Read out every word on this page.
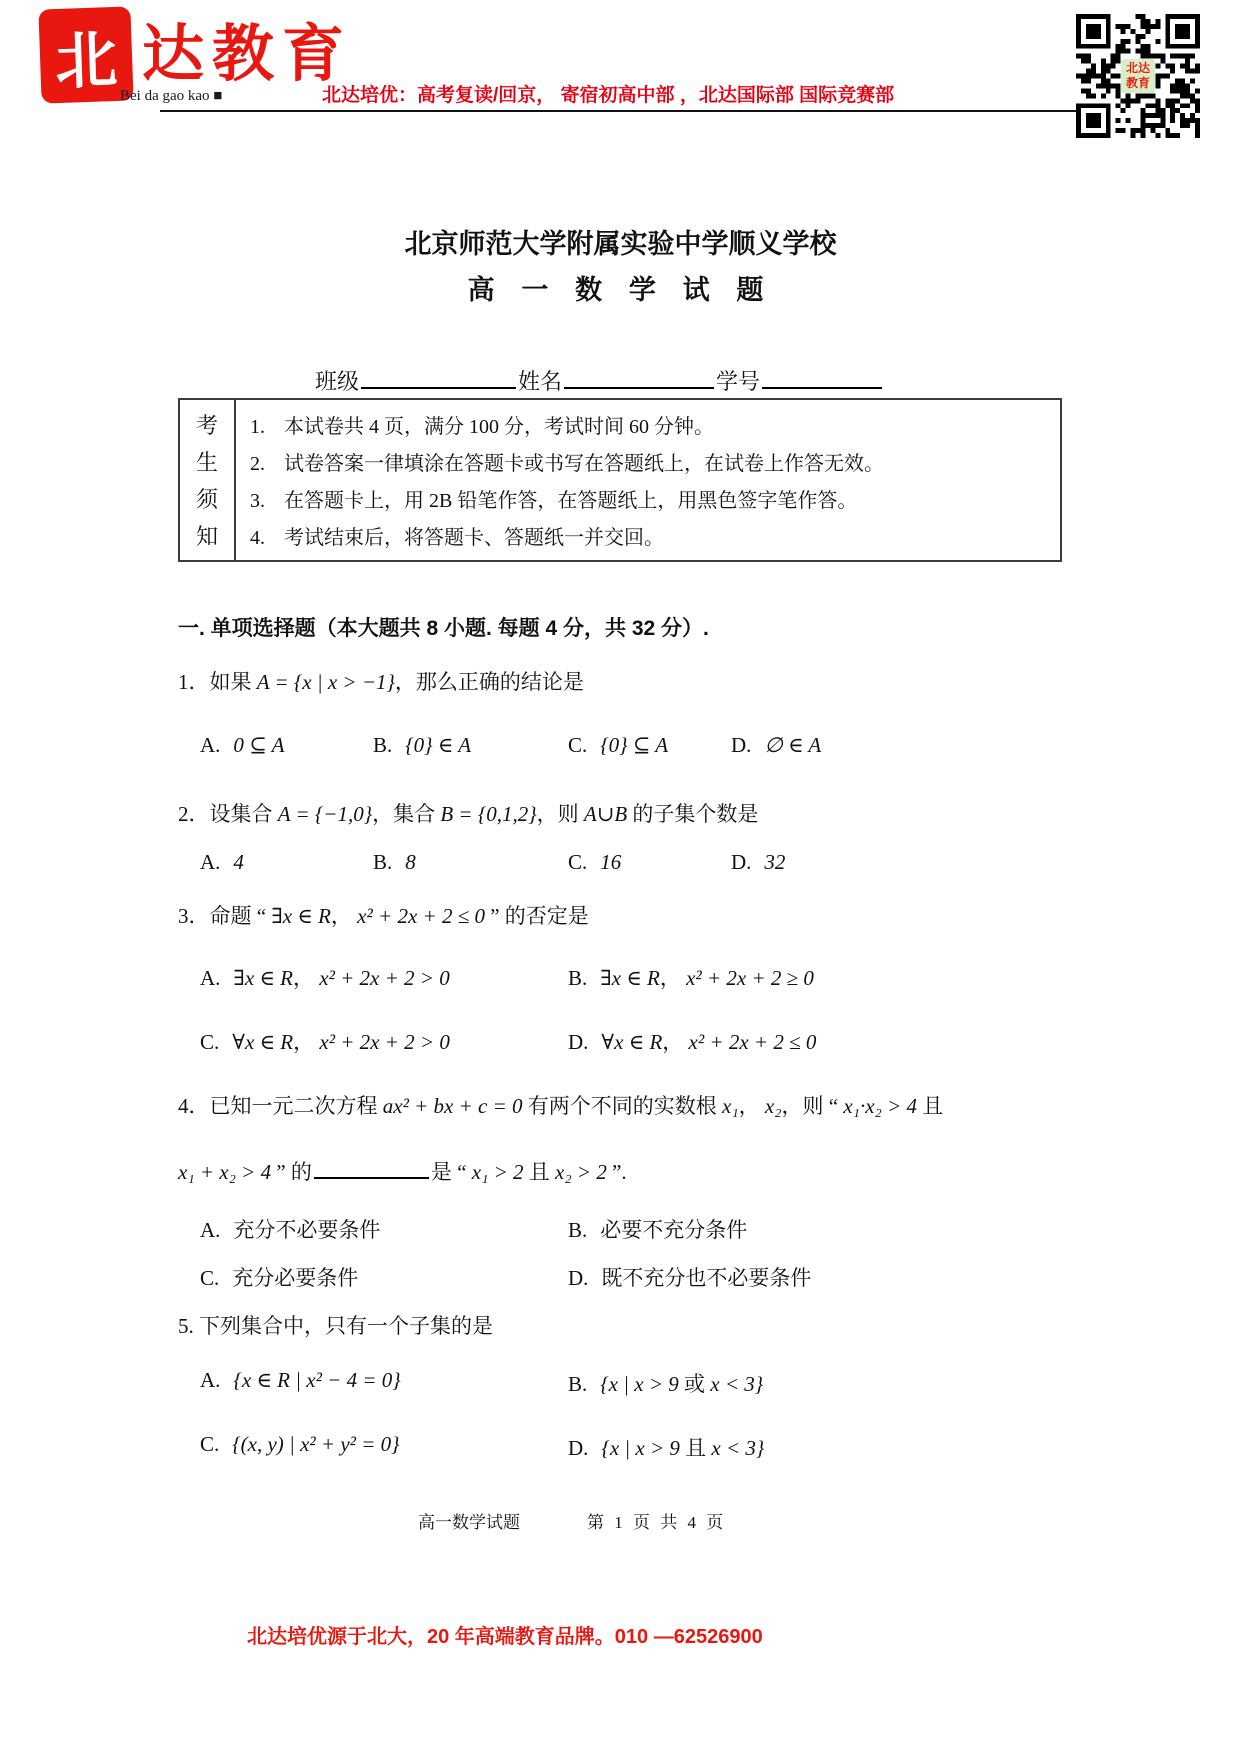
北 达教育
Bei da gao kao ■	北达培优：高考复读/回京， 寄宿初高中部 ，北达国际部 国际竞赛部
北达
教育
北京师范大学附属实验中学顺义学校
高 一 数 学 试 题
班级	姓名	学号
考
生
须
知
1. 本试卷共 4 页，满分 100 分，考试时间 60 分钟。
2. 试卷答案一律填涂在答题卡或书写在答题纸上，在试卷上作答无效。
3. 在答题卡上，用 2B 铅笔作答，在答题纸上，用黑色签字笔作答。
4. 考试结束后，将答题卡、答题纸一并交回。
一. 单项选择题（本大题共 8 小题. 每题 4 分，共 32 分）.
1．如果 A = {x | x > −1}，那么正确的结论是
A. 0 ⊆ A	B. {0} ∈ A	C. {0} ⊆ A	D. ∅ ∈ A
2．设集合 A = {−1,0}，集合 B = {0,1,2}，则 A∪B 的子集个数是
A. 4	B. 8	C. 16	D. 32
3．命题 “ ∃x ∈ R， x² + 2x + 2 ≤ 0 ” 的否定是
A. ∃x ∈ R， x² + 2x + 2 > 0	B. ∃x ∈ R， x² + 2x + 2 ≥ 0
C. ∀x ∈ R， x² + 2x + 2 > 0	D. ∀x ∈ R， x² + 2x + 2 ≤ 0
4．已知一元二次方程 ax² + bx + c = 0 有两个不同的实数根 x₁， x₂，则 “ x₁·x₂ > 4 且
x₁ + x₂ > 4 ” 的	是 “ x₁ > 2 且 x₂ > 2 ”.
A. 充分不必要条件	B. 必要不充分条件
C. 充分必要条件	D. 既不充分也不必要条件
5. 下列集合中，只有一个子集的是
A. {x ∈ R | x² − 4 = 0}	B. {x | x > 9 或 x < 3}
C. {(x, y) | x² + y² = 0}	D. {x | x > 9 且 x < 3}
高一数学试题	第 1 页 共 4 页
北达培优源于北大，20 年高端教育品牌。010 —62526900
